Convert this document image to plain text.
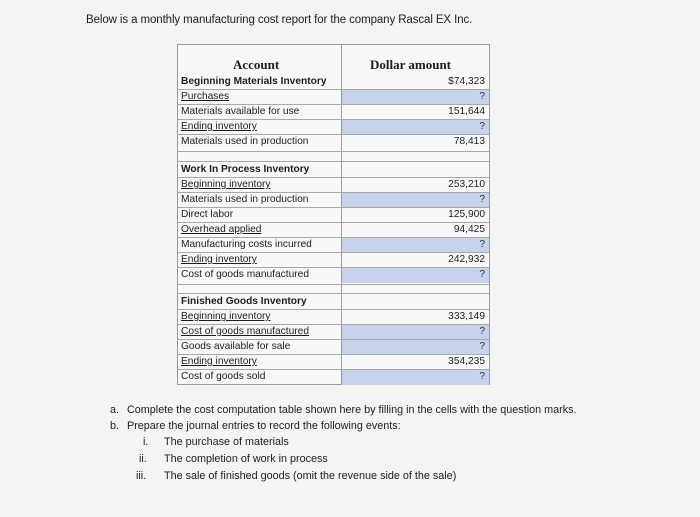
Below is a monthly manufacturing cost report for the company Rascal EX Inc.
Account	Dollar amount
Beginning Materials Inventory	$74,323
Purchases	?
Materials available for use	151,644
Ending inventory	?
Materials used in production	78,413
Work In Process Inventory
Beginning inventory	253,210
Materials used in production	?
Direct labor	125,900
Overhead applied	94,425
Manufacturing costs incurred	?
Ending inventory	242,932
Cost of goods manufactured	?
Finished Goods Inventory
Beginning inventory	333,149
Cost of goods manufactured	?
Goods available for sale	?
Ending inventory	354,235
Cost of goods sold	?
a. Complete the cost computation table shown here by filling in the cells with the question marks.
b. Prepare the journal entries to record the following events:
i. The purchase of materials
ii. The completion of work in process
iii. The sale of finished goods (omit the revenue side of the sale)
